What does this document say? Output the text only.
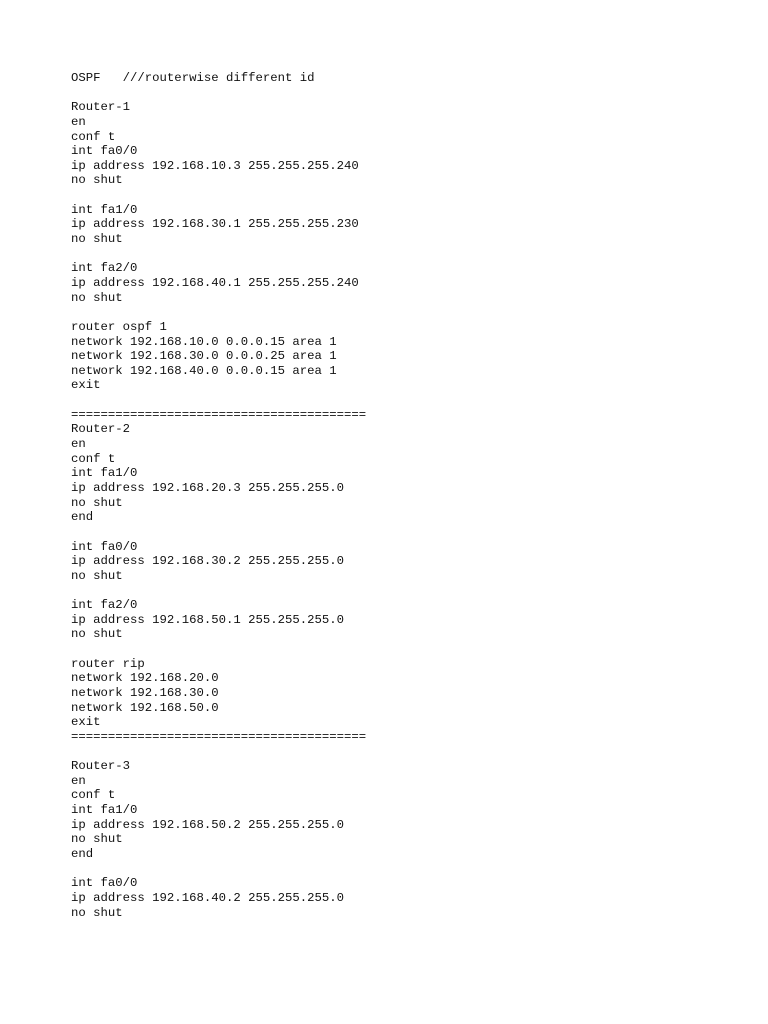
OSPF   ///routerwise different id
Router-1
en
conf t
int fa0/0
ip address 192.168.10.3 255.255.255.240
no shut
int fa1/0
ip address 192.168.30.1 255.255.255.230
no shut
int fa2/0
ip address 192.168.40.1 255.255.255.240
no shut
router ospf 1
network 192.168.10.0 0.0.0.15 area 1
network 192.168.30.0 0.0.0.25 area 1
network 192.168.40.0 0.0.0.15 area 1
exit
========================================
Router-2
en
conf t
int fa1/0
ip address 192.168.20.3 255.255.255.0
no shut
end
int fa0/0
ip address 192.168.30.2 255.255.255.0
no shut
int fa2/0
ip address 192.168.50.1 255.255.255.0
no shut
router rip
network 192.168.20.0
network 192.168.30.0
network 192.168.50.0
exit
========================================
Router-3
en
conf t
int fa1/0
ip address 192.168.50.2 255.255.255.0
no shut
end
int fa0/0
ip address 192.168.40.2 255.255.255.0
no shut
